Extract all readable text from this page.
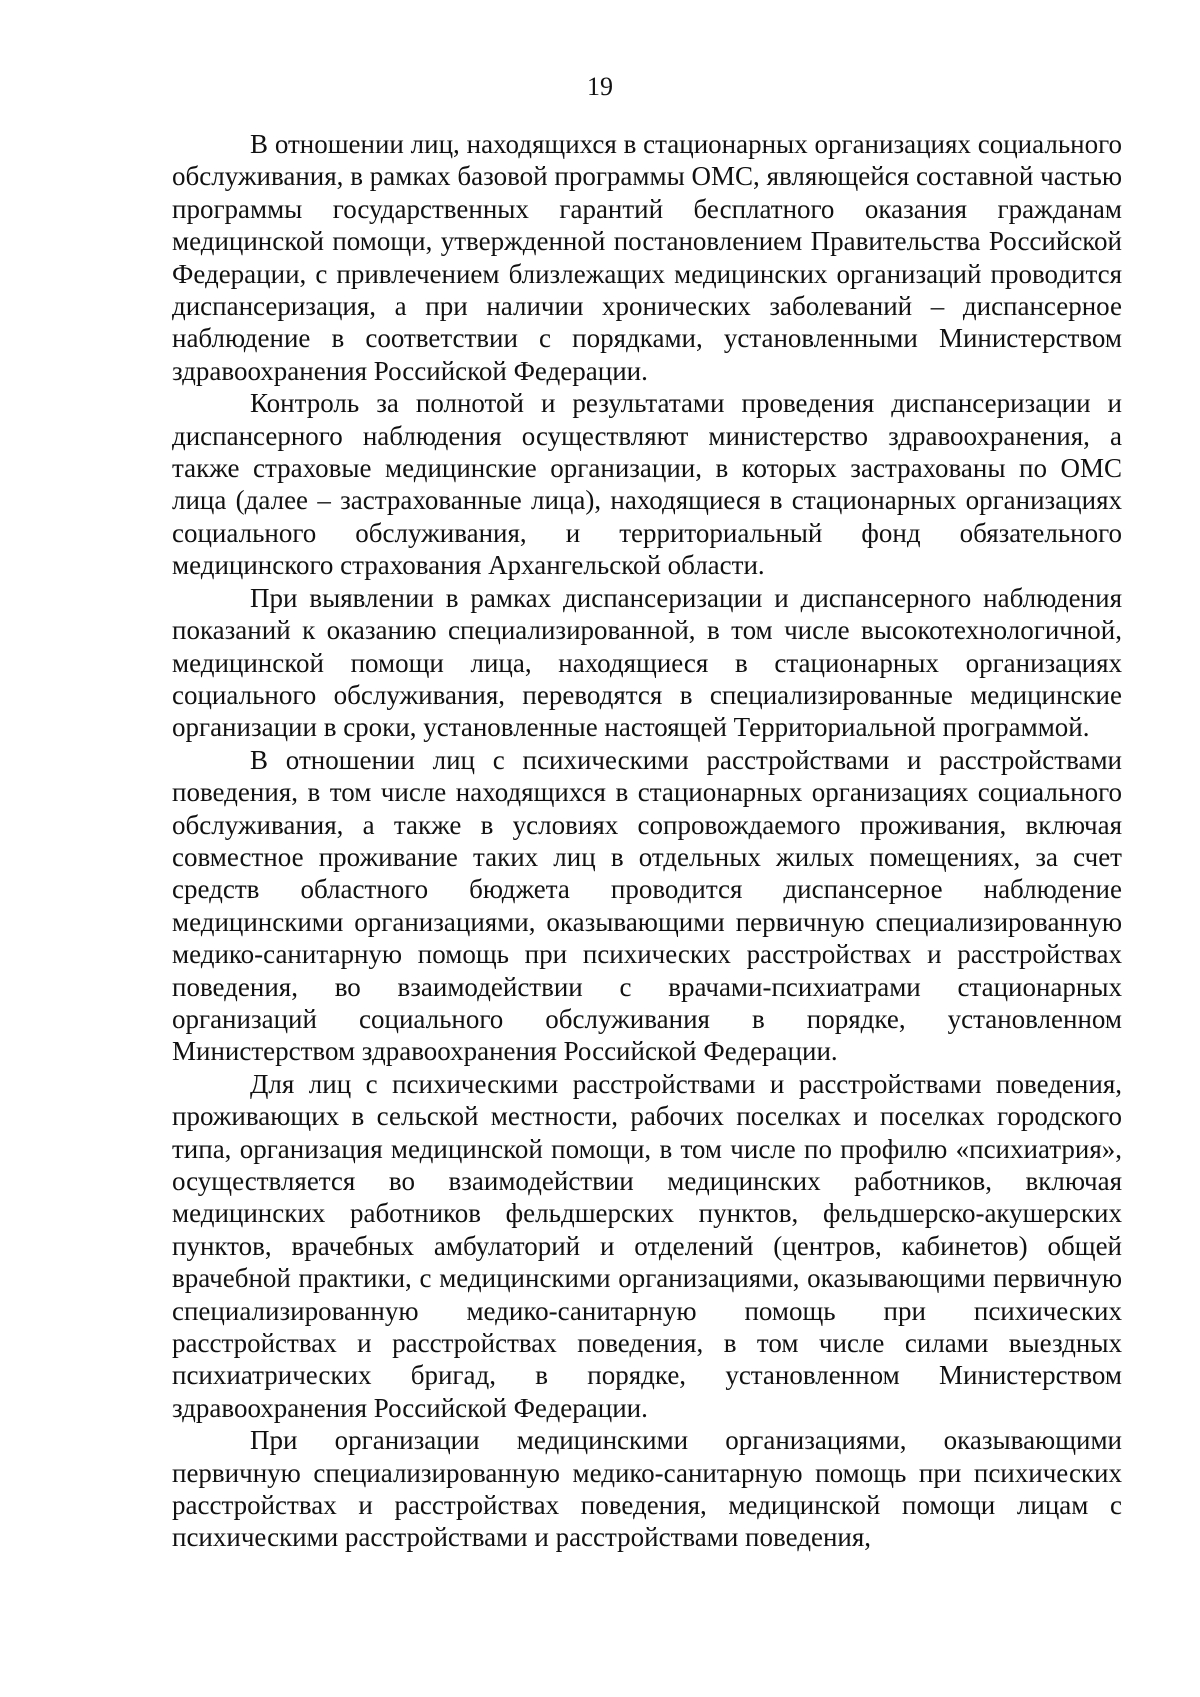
19

В отношении лиц, находящихся в стационарных организациях социального обслуживания, в рамках базовой программы ОМС, являющейся составной частью программы государственных гарантий бесплатного оказания гражданам медицинской помощи, утвержденной постановлением Правительства Российской Федерации, с привлечением близлежащих медицинских организаций проводится диспансеризация, а при наличии хронических заболеваний – диспансерное наблюдение в соответствии с порядками, установленными Министерством здравоохранения Российской Федерации.

Контроль за полнотой и результатами проведения диспансеризации и диспансерного наблюдения осуществляют министерство здравоохранения, а также страховые медицинские организации, в которых застрахованы по ОМС лица (далее – застрахованные лица), находящиеся в стационарных организациях социального обслуживания, и территориальный фонд обязательного медицинского страхования Архангельской области.

При выявлении в рамках диспансеризации и диспансерного наблюдения показаний к оказанию специализированной, в том числе высокотехнологичной, медицинской помощи лица, находящиеся в стационарных организациях социального обслуживания, переводятся в специализированные медицинские организации в сроки, установленные настоящей Территориальной программой.

В отношении лиц с психическими расстройствами и расстройствами поведения, в том числе находящихся в стационарных организациях социального обслуживания, а также в условиях сопровождаемого проживания, включая совместное проживание таких лиц в отдельных жилых помещениях, за счет средств областного бюджета проводится диспансерное наблюдение медицинскими организациями, оказывающими первичную специализированную медико-санитарную помощь при психических расстройствах и расстройствах поведения, во взаимодействии с врачами-психиатрами стационарных организаций социального обслуживания в порядке, установленном Министерством здравоохранения Российской Федерации.

Для лиц с психическими расстройствами и расстройствами поведения, проживающих в сельской местности, рабочих поселках и поселках городского типа, организация медицинской помощи, в том числе по профилю «психиатрия», осуществляется во взаимодействии медицинских работников, включая медицинских работников фельдшерских пунктов, фельдшерско-акушерских пунктов, врачебных амбулаторий и отделений (центров, кабинетов) общей врачебной практики, с медицинскими организациями, оказывающими первичную специализированную медико-санитарную помощь при психических расстройствах и расстройствах поведения, в том числе силами выездных психиатрических бригад, в порядке, установленном Министерством здравоохранения Российской Федерации.

При организации медицинскими организациями, оказывающими первичную специализированную медико-санитарную помощь при психических расстройствах и расстройствах поведения, медицинской помощи лицам с психическими расстройствами и расстройствами поведения,
